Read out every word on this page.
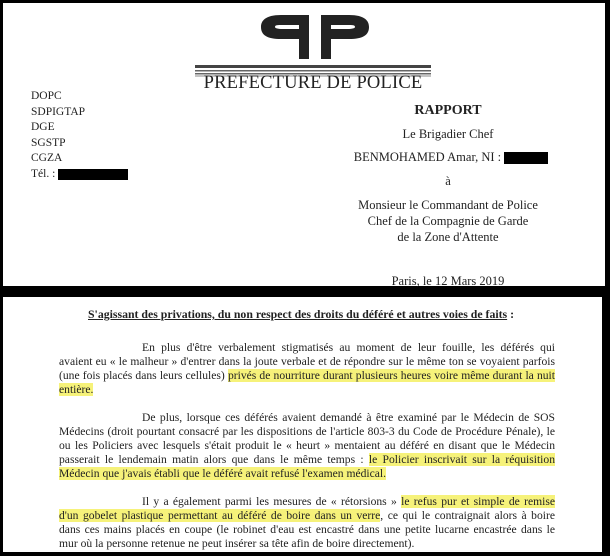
PREFECTURE DE POLICE
DOPC
SDPIGTAP
DGE
SGSTP
CGZA
Tél. :
RAPPORT
Le Brigadier Chef
BENMOHAMED Amar, NI :
à
Monsieur le Commandant de Police
Chef de la Compagnie de Garde
de la Zone d'Attente
Paris, le 12 Mars 2019
S'agissant des privations, du non respect des droits du déféré et autres voies de faits :
En plus d'être verbalement stigmatisés au moment de leur fouille, les déférés qui
avaient eu « le malheur » d'entrer dans la joute verbale et de répondre sur le même ton se voyaient parfois
(une fois placés dans leurs cellules) privés de nourriture durant plusieurs heures voire même durant la nuit
entière.
De plus, lorsque ces déférés avaient demandé à être examiné par le Médecin de SOS
Médecins (droit pourtant consacré par les dispositions de l'article 803-3 du Code de Procédure Pénale), le
ou les Policiers avec lesquels s'était produit le « heurt » mentaient au déféré en disant que le Médecin
passerait le lendemain matin alors que dans le même temps : le Policier inscrivait sur la réquisition
Médecin que j'avais établi que le déféré avait refusé l'examen médical.
Il y a également parmi les mesures de « rétorsions » le refus pur et simple de remise
d'un gobelet plastique permettant au déféré de boire dans un verre, ce qui le contraignait alors à boire
dans ces mains placés en coupe (le robinet d'eau est encastré dans une petite lucarne encastrée dans le
mur où la personne retenue ne peut insérer sa tête afin de boire directement).
